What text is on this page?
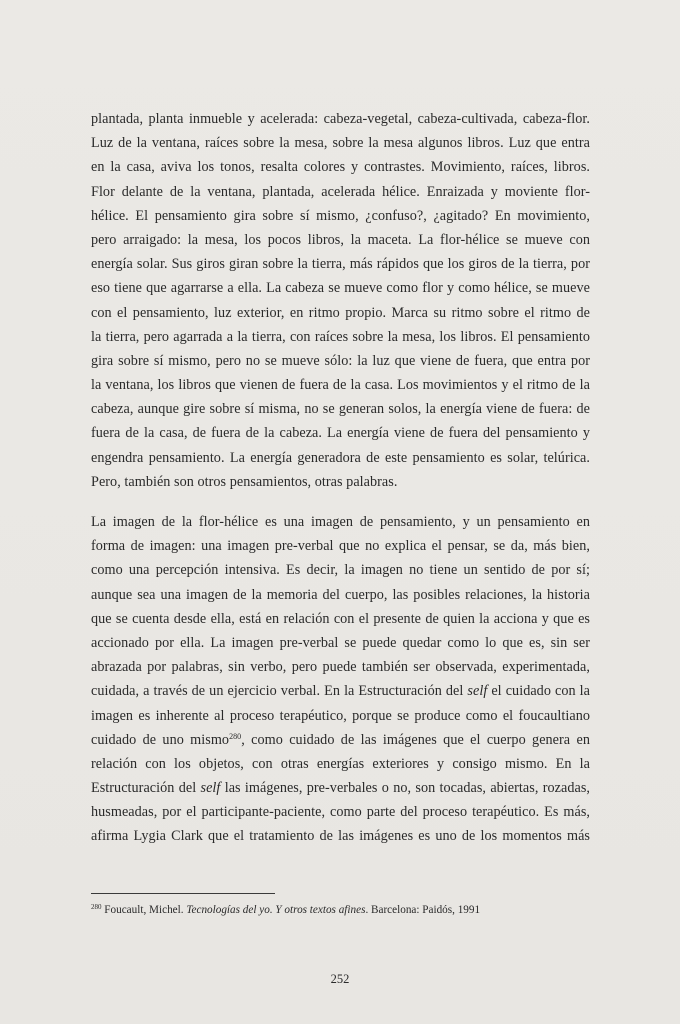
plantada, planta inmueble y acelerada: cabeza-vegetal, cabeza-cultivada, cabeza-flor.
Luz de la ventana, raíces sobre la mesa, sobre la mesa algunos libros. Luz que entra
en la casa, aviva los tonos, resalta colores y contrastes. Movimiento, raíces, libros.
Flor delante de la ventana, plantada, acelerada hélice. Enraizada y moviente flor-
hélice. El pensamiento gira sobre sí mismo, ¿confuso?, ¿agitado? En movimiento,
pero arraigado: la mesa, los pocos libros, la maceta. La flor-hélice se mueve con
energía solar. Sus giros giran sobre la tierra, más rápidos que los giros de la tierra, por
eso tiene que agarrarse a ella. La cabeza se mueve como flor y como hélice, se mueve
con el pensamiento, luz exterior, en ritmo propio. Marca su ritmo sobre el ritmo de
la tierra, pero agarrada a la tierra, con raíces sobre la mesa, los libros. El pensamiento
gira sobre sí mismo, pero no se mueve sólo: la luz que viene de fuera, que entra por
la ventana, los libros que vienen de fuera de la casa. Los movimientos y el ritmo de la
cabeza, aunque gire sobre sí misma, no se generan solos, la energía viene de fuera: de
fuera de la casa, de fuera de la cabeza. La energía viene de fuera del pensamiento y
engendra pensamiento. La energía generadora de este pensamiento es solar, telúrica.
Pero, también son otros pensamientos, otras palabras.
La imagen de la flor-hélice es una imagen de pensamiento, y un pensamiento en
forma de imagen: una imagen pre-verbal que no explica el pensar, se da, más bien,
como una percepción intensiva. Es decir, la imagen no tiene un sentido de por sí;
aunque sea una imagen de la memoria del cuerpo, las posibles relaciones, la historia
que se cuenta desde ella, está en relación con el presente de quien la acciona y que es
accionado por ella. La imagen pre-verbal se puede quedar como lo que es, sin ser
abrazada por palabras, sin verbo, pero puede también ser observada, experimentada,
cuidada, a través de un ejercicio verbal. En la Estructuración del self el cuidado con la
imagen es inherente al proceso terapéutico, porque se produce como el foucaultiano
cuidado de uno mismo$^{280}$, como cuidado de las imágenes que el cuerpo genera en
relación con los objetos, con otras energías exteriores y consigo mismo. En la
Estructuración del self las imágenes, pre-verbales o no, son tocadas, abiertas, rozadas,
husmeadas, por el participante-paciente, como parte del proceso terapéutico. Es más,
afirma Lygia Clark que el tratamiento de las imágenes es uno de los momentos más
$^{280}$ Foucault, Michel. Tecnologías del yo. Y otros textos afines. Barcelona: Paidós, 1991
252
